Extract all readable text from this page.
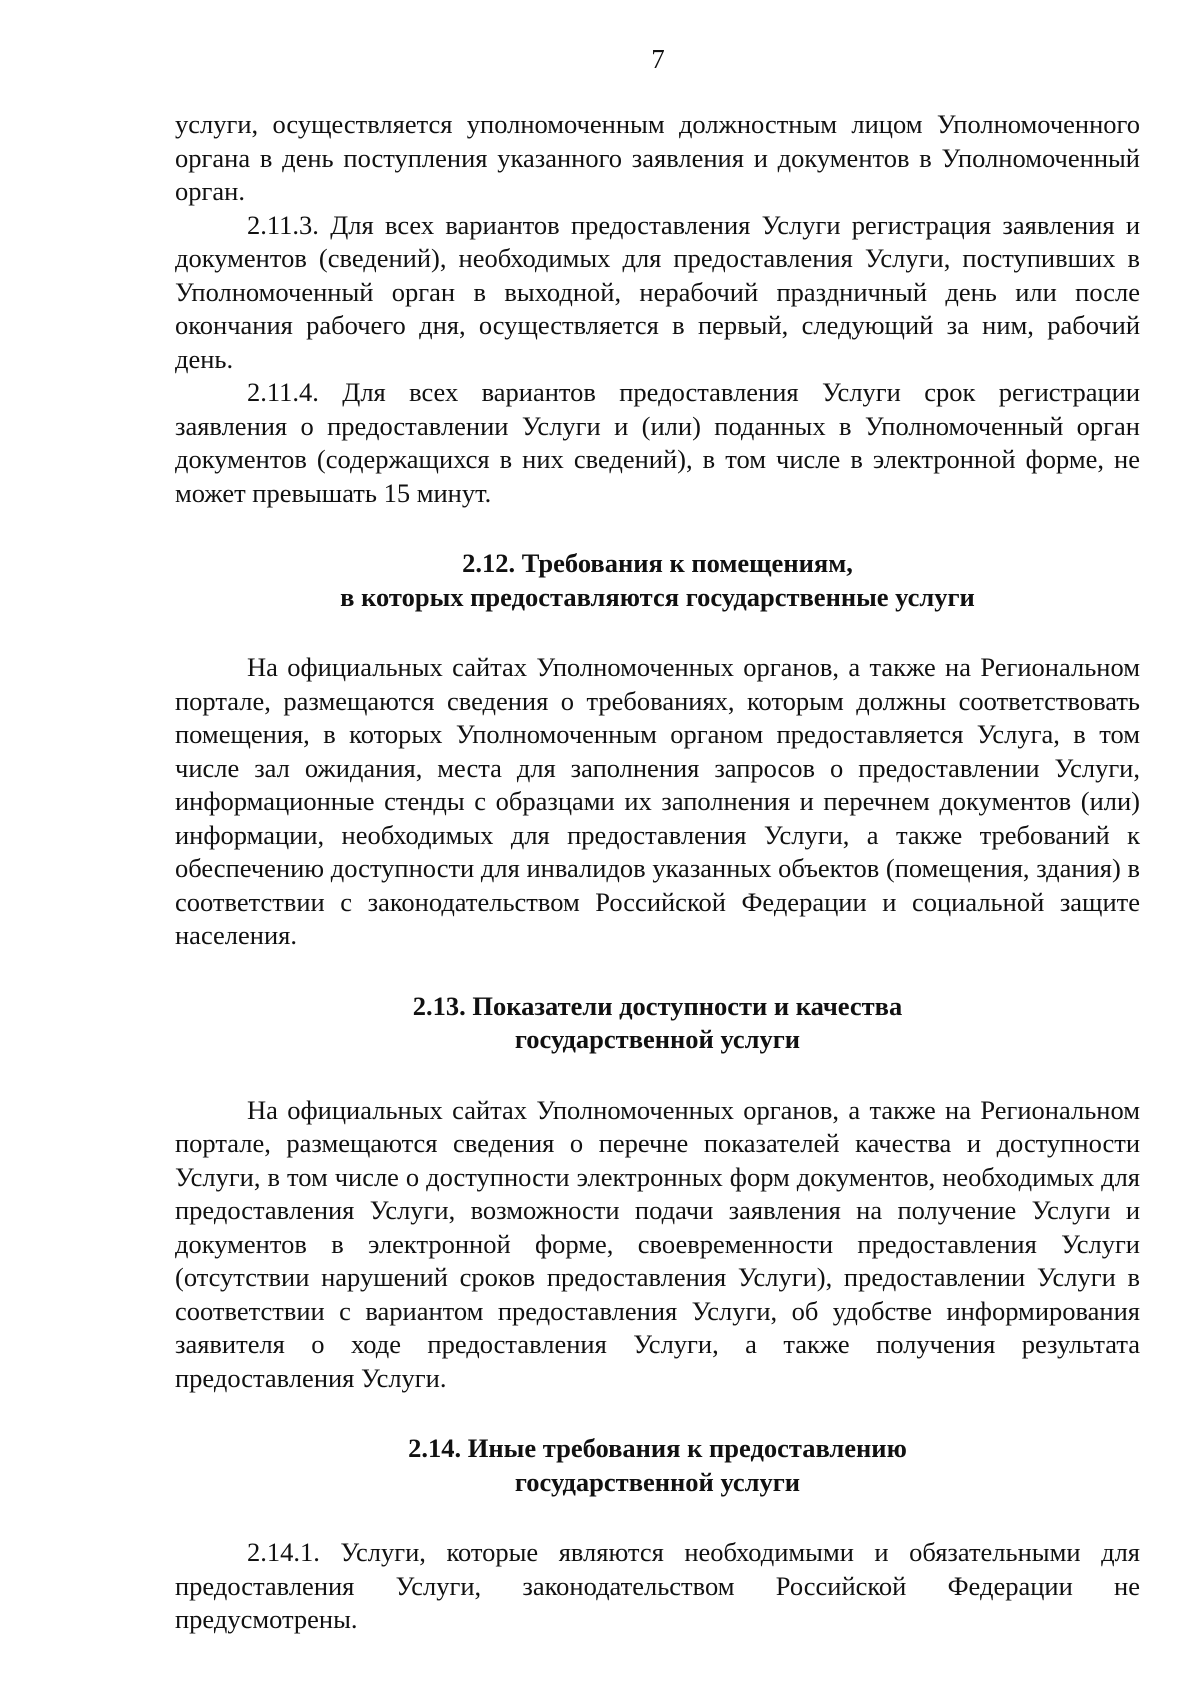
7

услуги, осуществляется уполномоченным должностным лицом Уполномоченного органа в день поступления указанного заявления и документов в Уполномоченный орган.

2.11.3. Для всех вариантов предоставления Услуги регистрация заявления и документов (сведений), необходимых для предоставления Услуги, поступивших в Уполномоченный орган в выходной, нерабочий праздничный день или после окончания рабочего дня, осуществляется в первый, следующий за ним, рабочий день.

2.11.4. Для всех вариантов предоставления Услуги срок регистрации заявления о предоставлении Услуги и (или) поданных в Уполномоченный орган документов (содержащихся в них сведений), в том числе в электронной форме, не может превышать 15 минут.

2.12. Требования к помещениям,
в которых предоставляются государственные услуги

На официальных сайтах Уполномоченных органов, а также на Региональном портале, размещаются сведения о требованиях, которым должны соответствовать помещения, в которых Уполномоченным органом предоставляется Услуга, в том числе зал ожидания, места для заполнения запросов о предоставлении Услуги, информационные стенды с образцами их заполнения и перечнем документов (или) информации, необходимых для предоставления Услуги, а также требований к обеспечению доступности для инвалидов указанных объектов (помещения, здания) в соответствии с законодательством Российской Федерации и социальной защите населения.

2.13. Показатели доступности и качества
государственной услуги

На официальных сайтах Уполномоченных органов, а также на Региональном портале, размещаются сведения о перечне показателей качества и доступности Услуги, в том числе о доступности электронных форм документов, необходимых для предоставления Услуги, возможности подачи заявления на получение Услуги и документов в электронной форме, своевременности предоставления Услуги (отсутствии нарушений сроков предоставления Услуги), предоставлении Услуги в соответствии с вариантом предоставления Услуги, об удобстве информирования заявителя о ходе предоставления Услуги, а также получения результата предоставления Услуги.

2.14. Иные требования к предоставлению
государственной услуги

2.14.1. Услуги, которые являются необходимыми и обязательными для предоставления Услуги, законодательством Российской Федерации не предусмотрены.
